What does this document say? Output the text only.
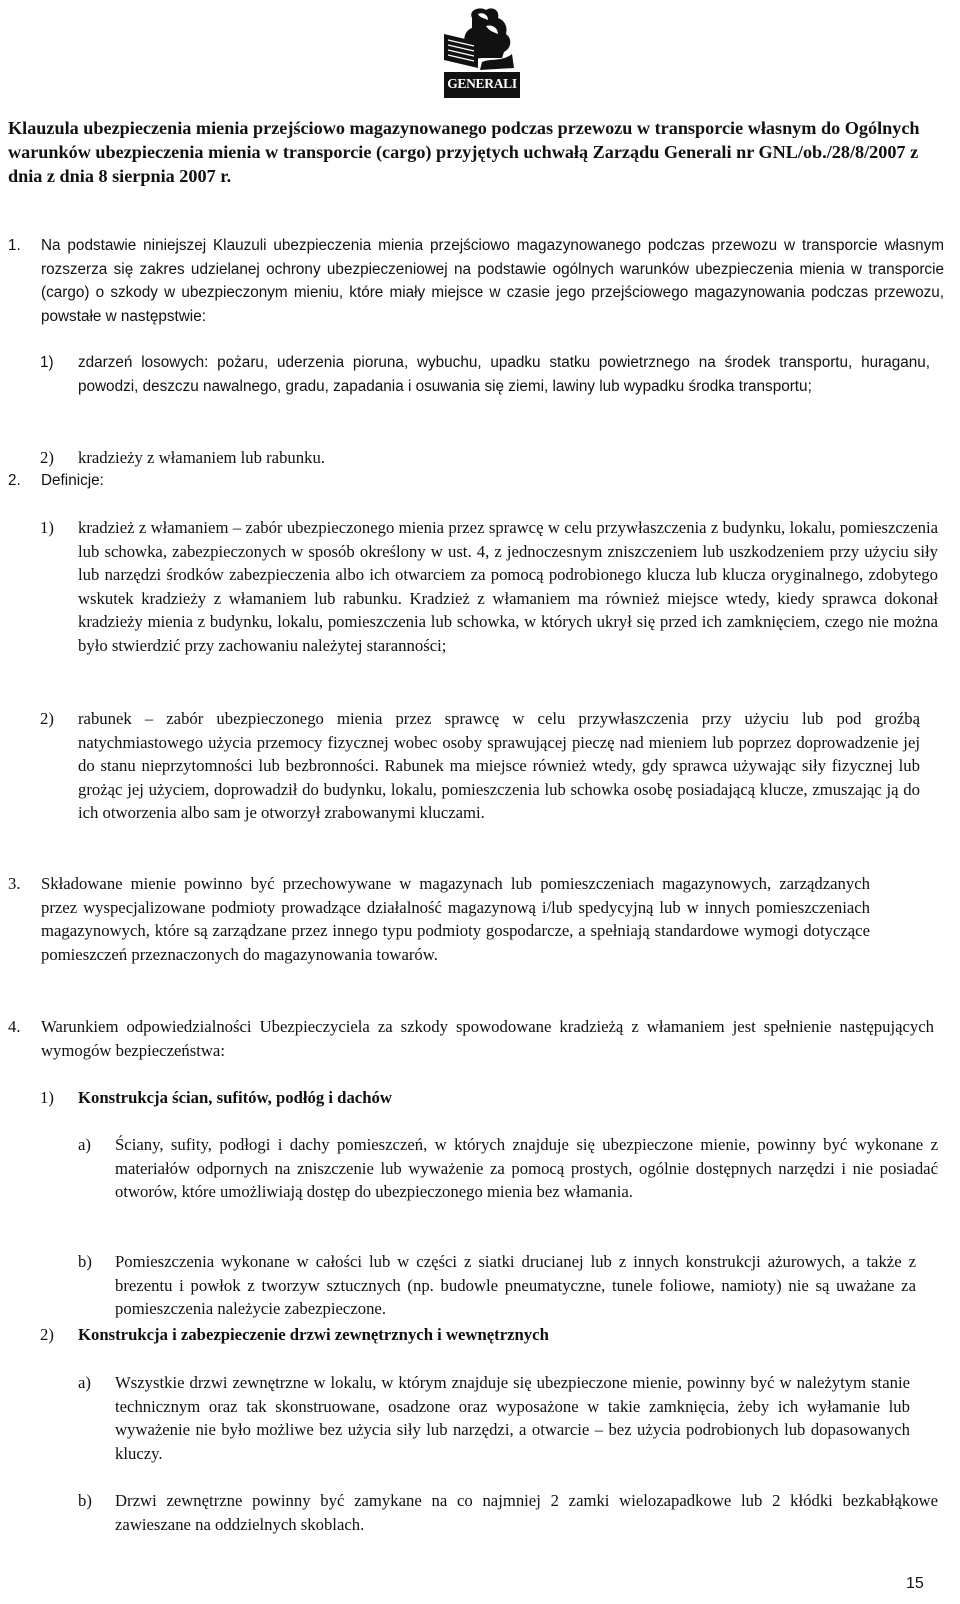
GENERALI
Klauzula ubezpieczenia mienia przejściowo magazynowanego podczas przewozu w transporcie własnym do Ogólnych warunków ubezpieczenia mienia w transporcie (cargo) przyjętych uchwałą Zarządu Generali nr GNL/ob./28/8/2007 z dnia z dnia 8 sierpnia 2007 r.
1. Na podstawie niniejszej Klauzuli ubezpieczenia mienia przejściowo magazynowanego podczas przewozu w transporcie własnym rozszerza się zakres udzielanej ochrony ubezpieczeniowej na podstawie ogólnych warunków ubezpieczenia mienia w transporcie (cargo) o szkody w ubezpieczonym mieniu, które miały miejsce w czasie jego przejściowego magazynowania podczas przewozu, powstałe w następstwie:
1) zdarzeń losowych: pożaru, uderzenia pioruna, wybuchu, upadku statku powietrznego na środek transportu, huraganu, powodzi, deszczu nawalnego, gradu, zapadania i osuwania się ziemi, lawiny lub wypadku środka transportu;
2) kradzieży z włamaniem lub rabunku.
2. Definicje:
1) kradzież z włamaniem – zabór ubezpieczonego mienia przez sprawcę w celu przywłaszczenia z budynku, lokalu, pomieszczenia lub schowka, zabezpieczonych w sposób określony w ust. 4, z jednoczesnym zniszczeniem lub uszkodzeniem przy użyciu siły lub narzędzi środków zabezpieczenia albo ich otwarciem za pomocą podrobionego klucza lub klucza oryginalnego, zdobytego wskutek kradzieży z włamaniem lub rabunku. Kradzież z włamaniem ma również miejsce wtedy, kiedy sprawca dokonał kradzieży mienia z budynku, lokalu, pomieszczenia lub schowka, w których ukrył się przed ich zamknięciem, czego nie można było stwierdzić przy zachowaniu należytej staranności;
2) rabunek – zabór ubezpieczonego mienia przez sprawcę w celu przywłaszczenia przy użyciu lub pod groźbą natychmiastowego użycia przemocy fizycznej wobec osoby sprawującej pieczę nad mieniem lub poprzez doprowadzenie jej do stanu nieprzytomności lub bezbronności. Rabunek ma miejsce również wtedy, gdy sprawca używając siły fizycznej lub grożąc jej użyciem, doprowadził do budynku, lokalu, pomieszczenia lub schowka osobę posiadającą klucze, zmuszając ją do ich otworzenia albo sam je otworzył zrabowanymi kluczami.
3. Składowane mienie powinno być przechowywane w magazynach lub pomieszczeniach magazynowych, zarządzanych przez wyspecjalizowane podmioty prowadzące działalność magazynową i/lub spedycyjną lub w innych pomieszczeniach magazynowych, które są zarządzane przez innego typu podmioty gospodarcze, a spełniają standardowe wymogi dotyczące pomieszczeń przeznaczonych do magazynowania towarów.
4. Warunkiem odpowiedzialności Ubezpieczyciela za szkody spowodowane kradzieżą z włamaniem jest spełnienie następujących wymogów bezpieczeństwa:
1) Konstrukcja ścian, sufitów, podłóg i dachów
a) Ściany, sufity, podłogi i dachy pomieszczeń, w których znajduje się ubezpieczone mienie, powinny być wykonane z materiałów odpornych na zniszczenie lub wyważenie za pomocą prostych, ogólnie dostępnych narzędzi i nie posiadać otworów, które umożliwiają dostęp do ubezpieczonego mienia bez włamania.
b) Pomieszczenia wykonane w całości lub w części z siatki drucianej lub z innych konstrukcji ażurowych, a także z brezentu i powłok z tworzyw sztucznych (np. budowle pneumatyczne, tunele foliowe, namioty) nie są uważane za pomieszczenia należycie zabezpieczone.
2) Konstrukcja i zabezpieczenie drzwi zewnętrznych i wewnętrznych
a) Wszystkie drzwi zewnętrzne w lokalu, w którym znajduje się ubezpieczone mienie, powinny być w należytym stanie technicznym oraz tak skonstruowane, osadzone oraz wyposażone w takie zamknięcia, żeby ich wyłamanie lub wyważenie nie było możliwe bez użycia siły lub narzędzi, a otwarcie – bez użycia podrobionych lub dopasowanych kluczy.
b) Drzwi zewnętrzne powinny być zamykane na co najmniej 2 zamki wielozapadkowe lub 2 kłódki bezkabłąkowe zawieszane na oddzielnych skoblach.
15
